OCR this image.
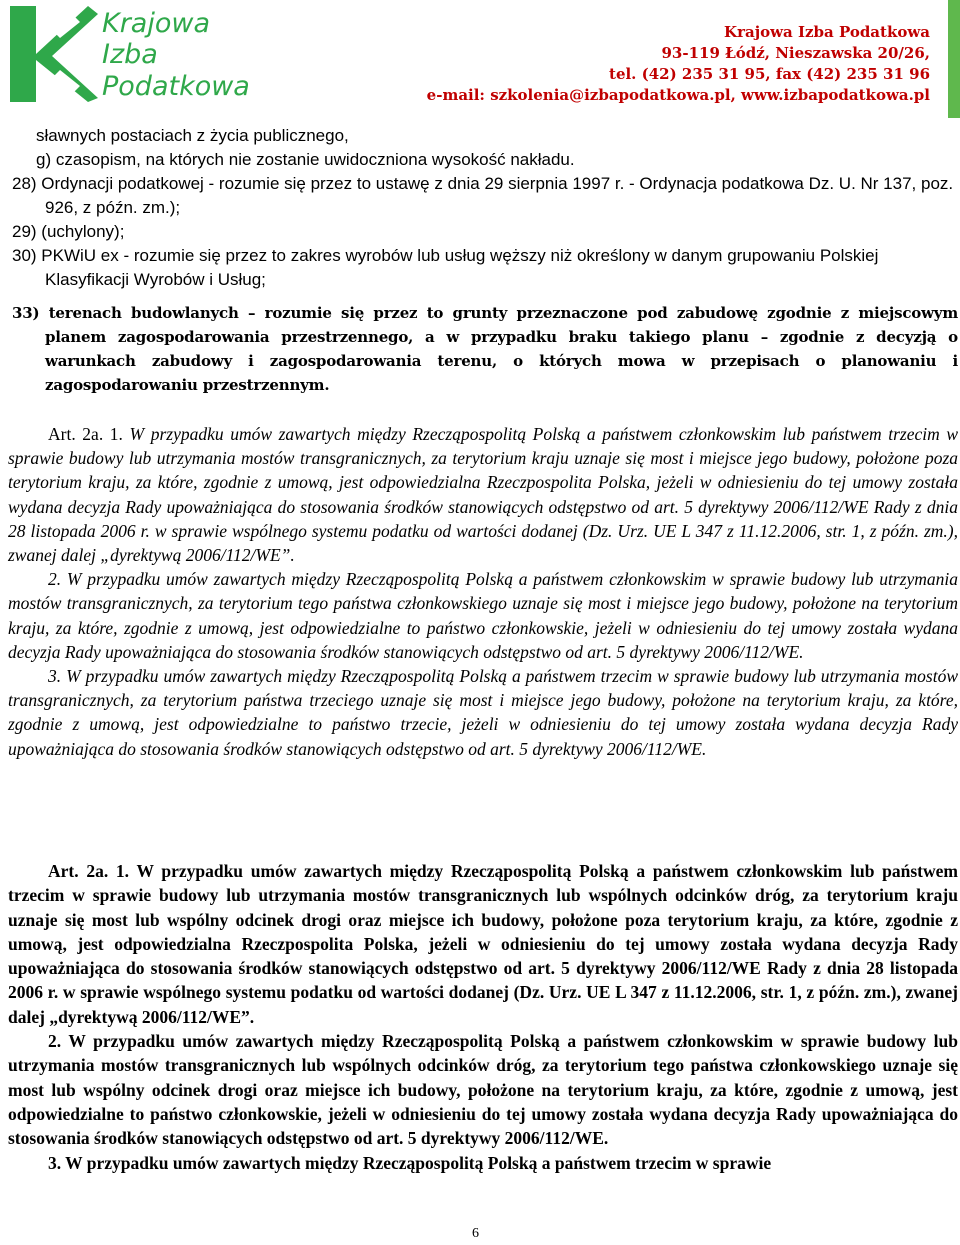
Krajowa
Izba
Podatkowa
Krajowa Izba Podatkowa
93-119 Łódź, Nieszawska 20/26,
tel. (42) 235 31 95, fax (42) 235 31 96
e-mail: szkolenia@izbapodatkowa.pl, www.izbapodatkowa.pl

sławnych postaciach z życia publicznego,

g) czasopism, na których nie zostanie uwidoczniona wysokość nakładu.

28) Ordynacji podatkowej - rozumie się przez to ustawę z dnia 29 sierpnia 1997 r. - Ordynacja podatkowa Dz. U. Nr 137, poz. 926, z późn. zm.);

29) (uchylony);

30) PKWiU ex - rozumie się przez to zakres wyrobów lub usług węższy niż określony w danym grupowaniu Polskiej Klasyfikacji Wyrobów i Usług;

33) terenach budowlanych – rozumie się przez to grunty przeznaczone pod zabudowę zgodnie z miejscowym planem zagospodarowania przestrzennego, a w przypadku braku takiego planu – zgodnie z decyzją o warunkach zabudowy i zagospodarowania terenu, o których mowa w przepisach o planowaniu i zagospodarowaniu przestrzennym.

Art. 2a. 1. W przypadku umów zawartych między Rzecząpospolitą Polską a państwem członkowskim lub państwem trzecim w sprawie budowy lub utrzymania mostów transgranicznych, za terytorium kraju uznaje się most i miejsce jego budowy, położone poza terytorium kraju, za które, zgodnie z umową, jest odpowiedzialna Rzeczpospolita Polska, jeżeli w odniesieniu do tej umowy została wydana decyzja Rady upoważniająca do stosowania środków stanowiących odstępstwo od art. 5 dyrektywy 2006/112/WE Rady z dnia 28 listopada 2006 r. w sprawie wspólnego systemu podatku od wartości dodanej (Dz. Urz. UE L 347 z 11.12.2006, str. 1, z późn. zm.), zwanej dalej „dyrektywą 2006/112/WE”.

2. W przypadku umów zawartych między Rzecząpospolitą Polską a państwem członkowskim w sprawie budowy lub utrzymania mostów transgranicznych, za terytorium tego państwa członkowskiego uznaje się most i miejsce jego budowy, położone na terytorium kraju, za które, zgodnie z umową, jest odpowiedzialne to państwo członkowskie, jeżeli w odniesieniu do tej umowy została wydana decyzja Rady upoważniająca do stosowania środków stanowiących odstępstwo od art. 5 dyrektywy 2006/112/WE.

3. W przypadku umów zawartych między Rzecząpospolitą Polską a państwem trzecim w sprawie budowy lub utrzymania mostów transgranicznych, za terytorium państwa trzeciego uznaje się most i miejsce jego budowy, położone na terytorium kraju, za które, zgodnie z umową, jest odpowiedzialne to państwo trzecie, jeżeli w odniesieniu do tej umowy została wydana decyzja Rady upoważniająca do stosowania środków stanowiących odstępstwo od art. 5 dyrektywy 2006/112/WE.

Art. 2a. 1. W przypadku umów zawartych między Rzecząpospolitą Polską a państwem członkowskim lub państwem trzecim w sprawie budowy lub utrzymania mostów transgranicznych lub wspólnych odcinków dróg, za terytorium kraju uznaje się most lub wspólny odcinek drogi oraz miejsce ich budowy, położone poza terytorium kraju, za które, zgodnie z umową, jest odpowiedzialna Rzeczpospolita Polska, jeżeli w odniesieniu do tej umowy została wydana decyzja Rady upoważniająca do stosowania środków stanowiących odstępstwo od art. 5 dyrektywy 2006/112/WE Rady z dnia 28 listopada 2006 r. w sprawie wspólnego systemu podatku od wartości dodanej (Dz. Urz. UE L 347 z 11.12.2006, str. 1, z późn. zm.), zwanej dalej „dyrektywą 2006/112/WE”.

2. W przypadku umów zawartych między Rzecząpospolitą Polską a państwem członkowskim w sprawie budowy lub utrzymania mostów transgranicznych lub wspólnych odcinków dróg, za terytorium tego państwa członkowskiego uznaje się most lub wspólny odcinek drogi oraz miejsce ich budowy, położone na terytorium kraju, za które, zgodnie z umową, jest odpowiedzialne to państwo członkowskie, jeżeli w odniesieniu do tej umowy została wydana decyzja Rady upoważniająca do stosowania środków stanowiących odstępstwo od art. 5 dyrektywy 2006/112/WE.

3. W przypadku umów zawartych między Rzecząpospolitą Polską a państwem trzecim w sprawie

6
